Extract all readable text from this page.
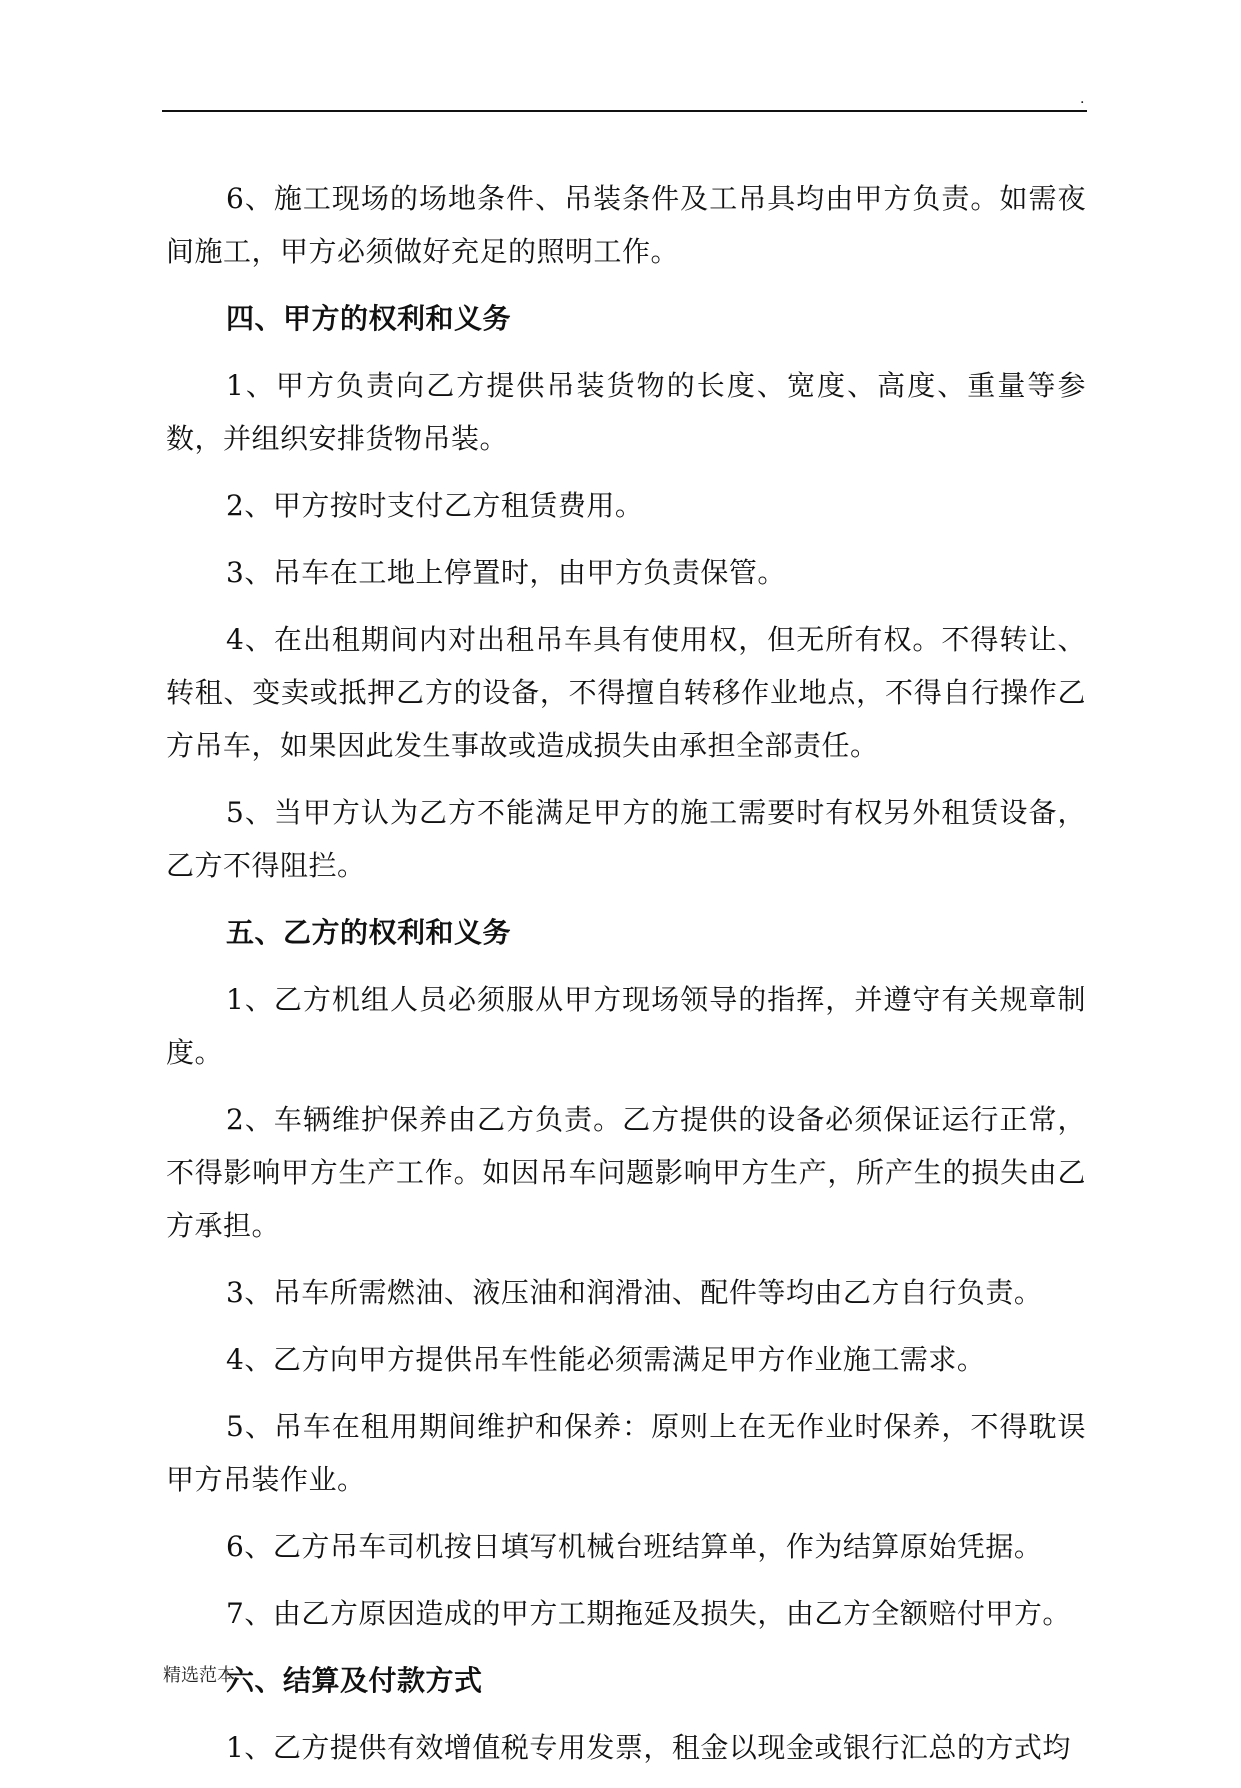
.

6、施工现场的场地条件、吊装条件及工吊具均由甲方负责。如需夜间施工，甲方必须做好充足的照明工作。

四、甲方的权利和义务

1、甲方负责向乙方提供吊装货物的长度、宽度、高度、重量等参数，并组织安排货物吊装。

2、甲方按时支付乙方租赁费用。

3、吊车在工地上停置时，由甲方负责保管。

4、在出租期间内对出租吊车具有使用权，但无所有权。不得转让、转租、变卖或抵押乙方的设备，不得擅自转移作业地点，不得自行操作乙方吊车，如果因此发生事故或造成损失由承担全部责任。

5、当甲方认为乙方不能满足甲方的施工需要时有权另外租赁设备，乙方不得阻拦。

五、乙方的权利和义务

1、乙方机组人员必须服从甲方现场领导的指挥，并遵守有关规章制度。

2、车辆维护保养由乙方负责。乙方提供的设备必须保证运行正常，不得影响甲方生产工作。如因吊车问题影响甲方生产，所产生的损失由乙方承担。

3、吊车所需燃油、液压油和润滑油、配件等均由乙方自行负责。

4、乙方向甲方提供吊车性能必须需满足甲方作业施工需求。

5、吊车在租用期间维护和保养：原则上在无作业时保养，不得耽误甲方吊装作业。

6、乙方吊车司机按日填写机械台班结算单，作为结算原始凭据。

7、由乙方原因造成的甲方工期拖延及损失，由乙方全额赔付甲方。

六、结算及付款方式

1、乙方提供有效增值税专用发票，租金以现金或银行汇总的方式均

精选范本
